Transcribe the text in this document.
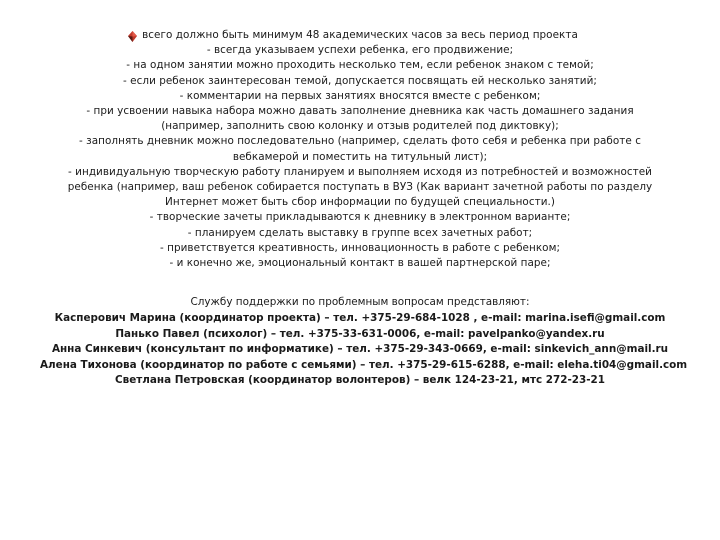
всего должно быть минимум 48 академических часов за весь период проекта
- всегда указываем успехи ребенка, его продвижение;
- на одном занятии можно проходить несколько тем, если ребенок знаком с темой;
- если ребенок заинтересован темой, допускается посвящать ей несколько занятий;
- комментарии на первых занятиях вносятся вместе с ребенком;
- при усвоении навыка набора можно давать заполнение дневника как часть домашнего задания
(например, заполнить свою колонку и отзыв родителей под диктовку);
- заполнять дневник можно последовательно (например, сделать фото себя и ребенка при работе с
вебкамерой и поместить на титульный лист);
- индивидуальную творческую работу планируем и выполняем исходя из потребностей и возможностей
ребенка (например, ваш ребенок собирается поступать в ВУЗ (Как вариант зачетной работы по разделу
Интернет может быть сбор информации по будущей специальности.)
- творческие зачеты прикладываются к дневнику в электронном варианте;
- планируем сделать выставку в группе всех зачетных работ;
- приветствуется креативность, инновационность в работе с ребенком;
- и конечно же, эмоциональный контакт в вашей партнерской паре;
Службу поддержки по проблемным вопросам представляют:
Касперович Марина (координатор проекта) – тел. +375-29-684-1028 , e-mail: marina.isefi@gmail.com
Панько Павел (психолог) – тел. +375-33-631-0006, e-mail: pavelpanko@yandex.ru
Анна Синкевич (консультант по информатике) – тел. +375-29-343-0669, e-mail: sinkevich_ann@mail.ru
Алена Тихонова (координатор по работе с семьями) – тел. +375-29-615-6288, e-mail: eleha.ti04@gmail.com
Светлана Петровская (координатор волонтеров) – велк 124-23-21, мтс 272-23-21
